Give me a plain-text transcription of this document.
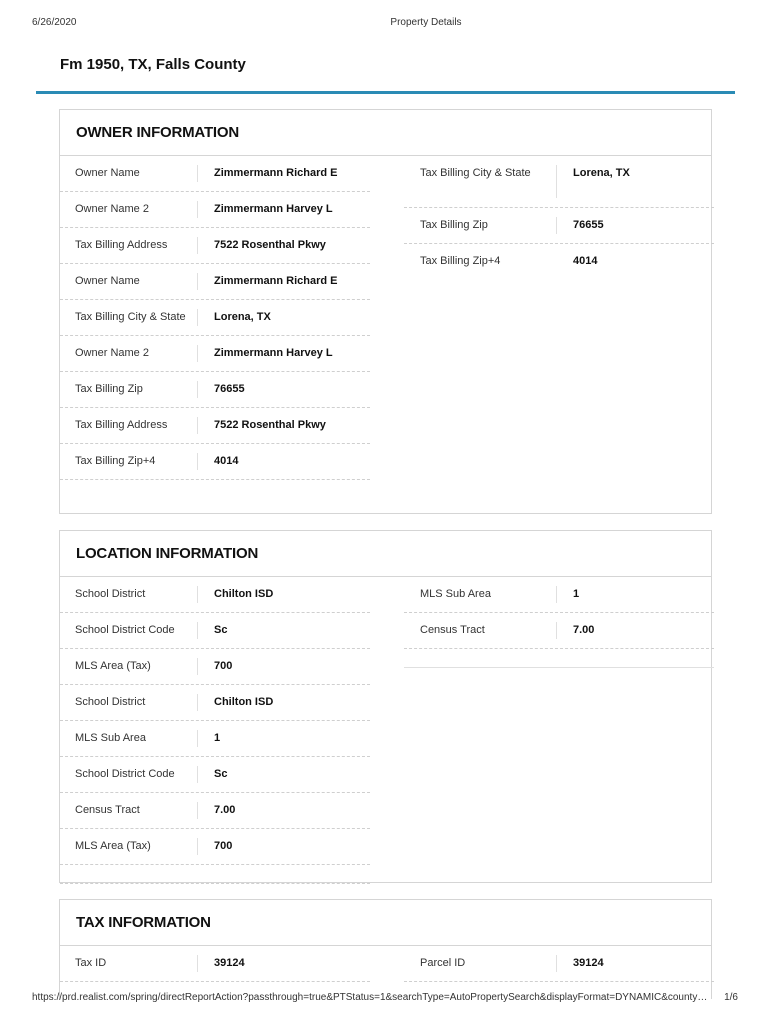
6/26/2020	Property Details
Fm 1950, TX, Falls County
OWNER INFORMATION
Owner Name	Zimmermann Richard E
Owner Name 2	Zimmermann Harvey L
Tax Billing Address	7522 Rosenthal Pkwy
Owner Name	Zimmermann Richard E
Tax Billing City & State	Lorena, TX
Owner Name 2	Zimmermann Harvey L
Tax Billing Zip	76655
Tax Billing Address	7522 Rosenthal Pkwy
Tax Billing Zip+4	4014
Tax Billing City & State	Lorena, TX
Tax Billing Zip	76655
Tax Billing Zip+4	4014
LOCATION INFORMATION
School District	Chilton ISD
School District Code	Sc
MLS Area (Tax)	700
School District	Chilton ISD
MLS Sub Area	1
School District Code	Sc
Census Tract	7.00
MLS Area (Tax)	700
MLS Sub Area	1
Census Tract	7.00
TAX INFORMATION
Tax ID	39124	Parcel ID	39124
https://prd.realist.com/spring/directReportAction?passthrough=true&PTStatus=1&searchType=AutoPropertySearch&displayFormat=DYNAMIC&county…	1/6
